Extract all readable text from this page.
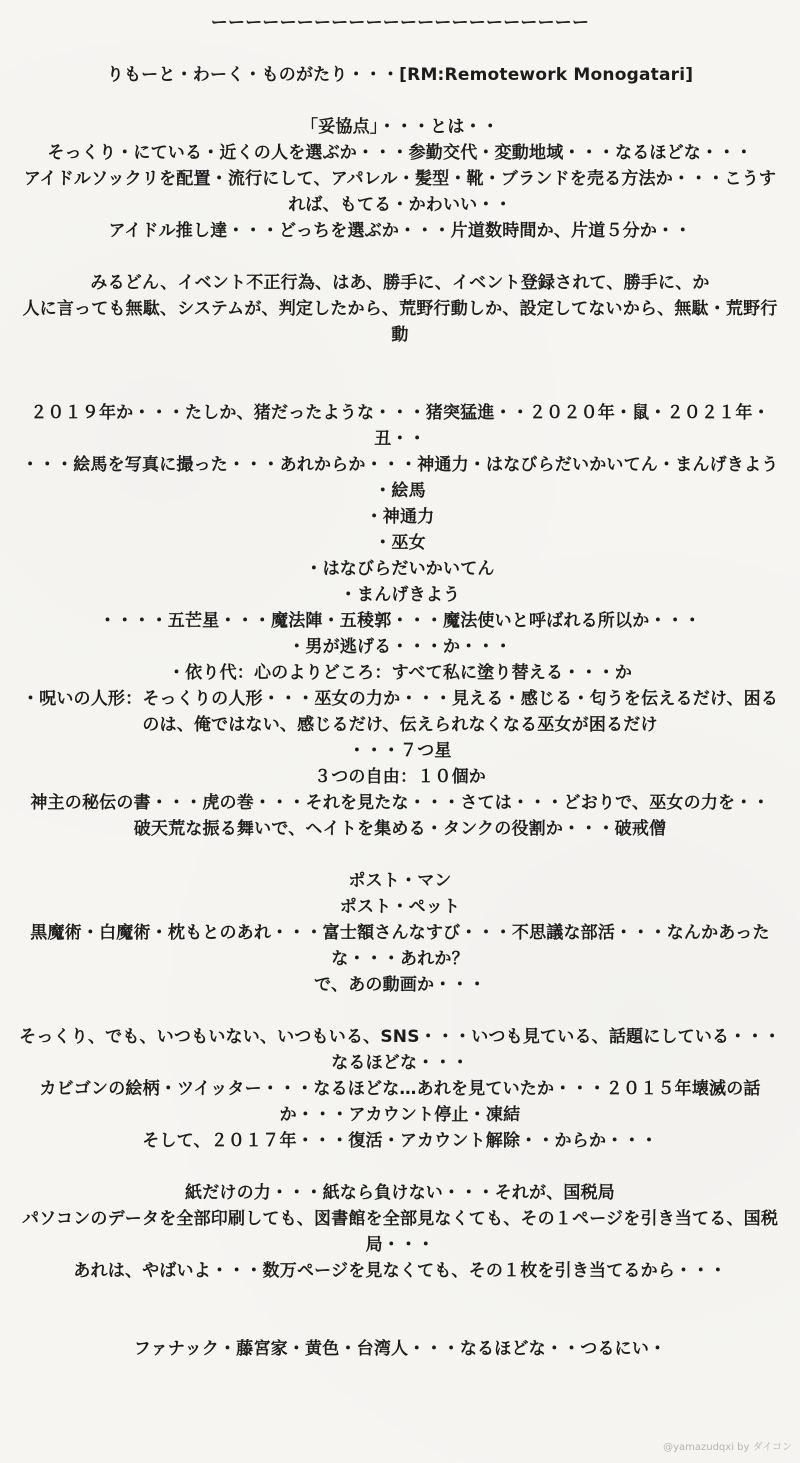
ーーーーーーーーーーーーーーーーーーーーーー
りもーと・わーく・ものがたり・・・[RM:Remotework Monogatari]
「妥協点」・・・とは・・
そっくり・にている・近くの人を選ぶか・・・参勤交代・変動地域・・・なるほどな・・・
アイドルソックリを配置・流行にして、アパレル・髪型・靴・ブランドを売る方法か・・・こうすれば、もてる・かわいい・・
アイドル推し達・・・どっちを選ぶか・・・片道数時間か、片道５分か・・
みるどん、イベント不正行為、はあ、勝手に、イベント登録されて、勝手に、か
人に言っても無駄、システムが、判定したから、荒野行動しか、設定してないから、無駄・荒野行動
２０１９年か・・・たしか、猪だったような・・・猪突猛進・・２０２０年・鼠・２０２１年・丑・・
・・・絵馬を写真に撮った・・・あれからか・・・神通力・はなびらだいかいてん・まんげきよう
・絵馬
・神通力
・巫女
・はなびらだいかいてん
・まんげきよう
・・・・五芒星・・・魔法陣・五稜郭・・・魔法使いと呼ばれる所以か・・・
・男が逃げる・・・か・・・
・依り代：心のよりどころ：すべて私に塗り替える・・・か
・呪いの人形：そっくりの人形・・・巫女の力か・・・見える・感じる・匂うを伝えるだけ、困るのは、俺ではない、感じるだけ、伝えられなくなる巫女が困るだけ
・・・７つ星
３つの自由：１０個か
神主の秘伝の書・・・虎の巻・・・それを見たな・・・さては・・・どおりで、巫女の力を・・
破天荒な振る舞いで、ヘイトを集める・タンクの役割か・・・破戒僧
ポスト・マン
ポスト・ペット
黒魔術・白魔術・枕もとのあれ・・・富士額さんなすび・・・不思議な部活・・・なんかあったな・・・あれか？
で、あの動画か・・・
そっくり、でも、いつもいない、いつもいる、SNS・・・いつも見ている、話題にしている・・・なるほどな・・・
カビゴンの絵柄・ツイッター・・・なるほどな…あれを見ていたか・・・２０１５年壊滅の話か・・・アカウント停止・凍結
そして、２０１７年・・・復活・アカウント解除・・からか・・・
紙だけの力・・・紙なら負けない・・・それが、国税局
パソコンのデータを全部印刷しても、図書館を全部見なくても、その１ページを引き当てる、国税局・・・
あれは、やばいよ・・・数万ページを見なくても、その１枚を引き当てるから・・・
ファナック・藤宮家・黄色・台湾人・・・なるほどな・・つるにい・
@yamazudqxi by ダイコン
